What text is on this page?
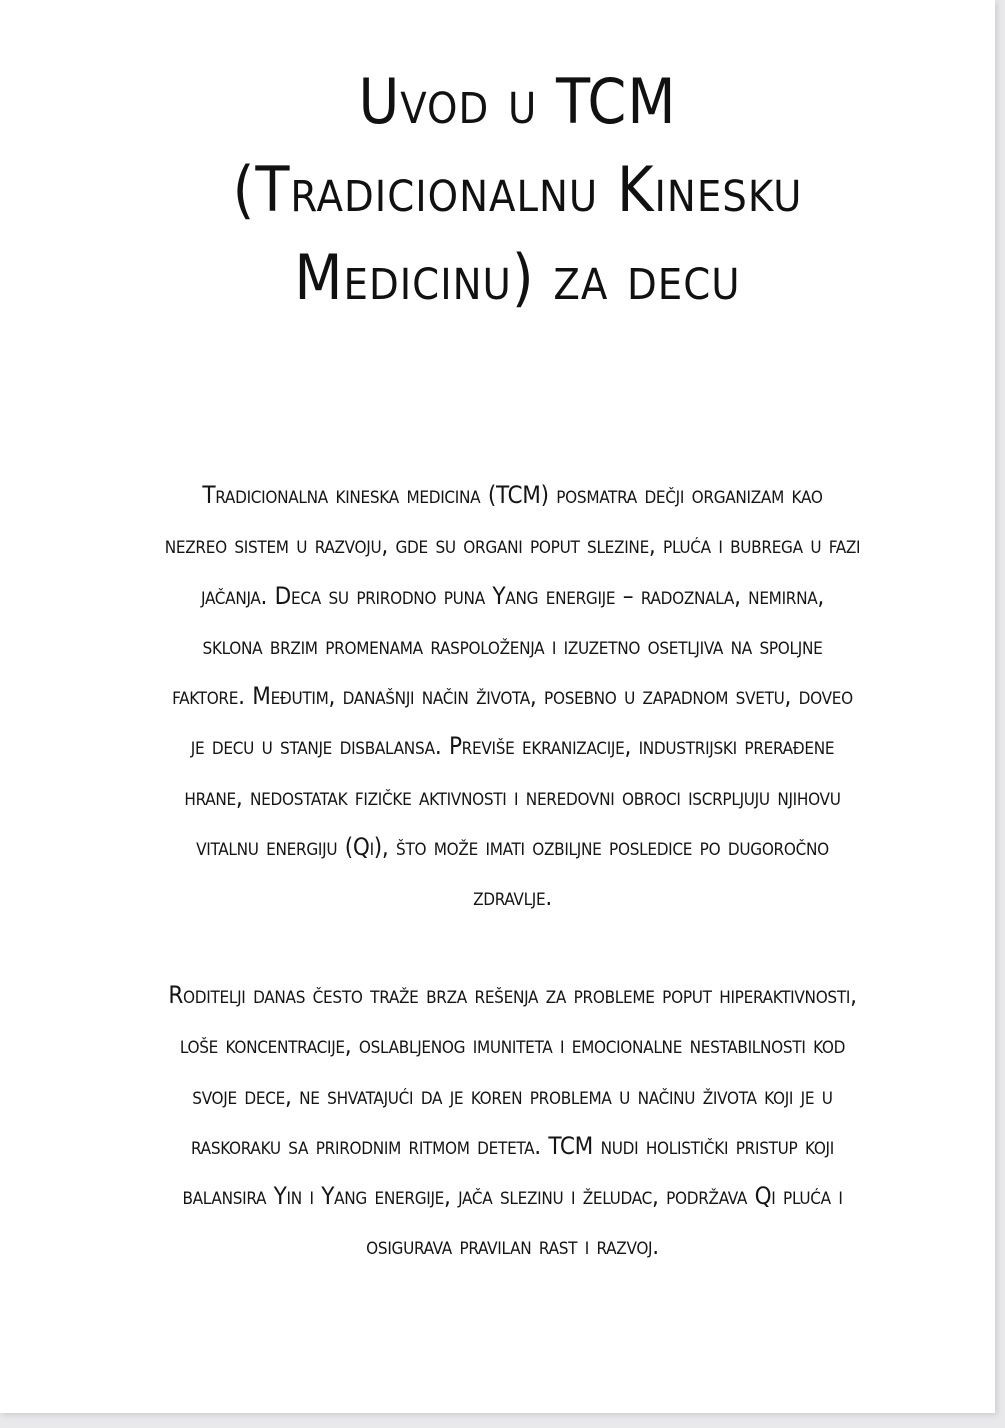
Uvod u TCM
(Tradicionalnu Kinesku
Medicinu) za decu

Tradicionalna kineska medicina (TCM) posmatra dečji organizam kao
nezreo sistem u razvoju, gde su organi poput slezine, pluća i bubrega u fazi
jačanja. Deca su prirodno puna Yang energije – radoznala, nemirna,
sklona brzim promenama raspoloženja i izuzetno osetljiva na spoljne
faktore. Međutim, današnji način života, posebno u zapadnom svetu, doveo
je decu u stanje disbalansa. Previše ekranizacije, industrijski prerađene
hrane, nedostatak fizičke aktivnosti i neredovni obroci iscrpljuju njihovu
vitalnu energiju (Qi), što može imati ozbiljne posledice po dugoročno
zdravlje.

Roditelji danas često traže brza rešenja za probleme poput hiperaktivnosti,
loše koncentracije, oslabljenog imuniteta i emocionalne nestabilnosti kod
svoje dece, ne shvatajući da je koren problema u načinu života koji je u
raskoraku sa prirodnim ritmom deteta. TCM nudi holistički pristup koji
balansira Yin i Yang energije, jača slezinu i želudac, podržava Qi pluća i
osigurava pravilan rast i razvoj.
